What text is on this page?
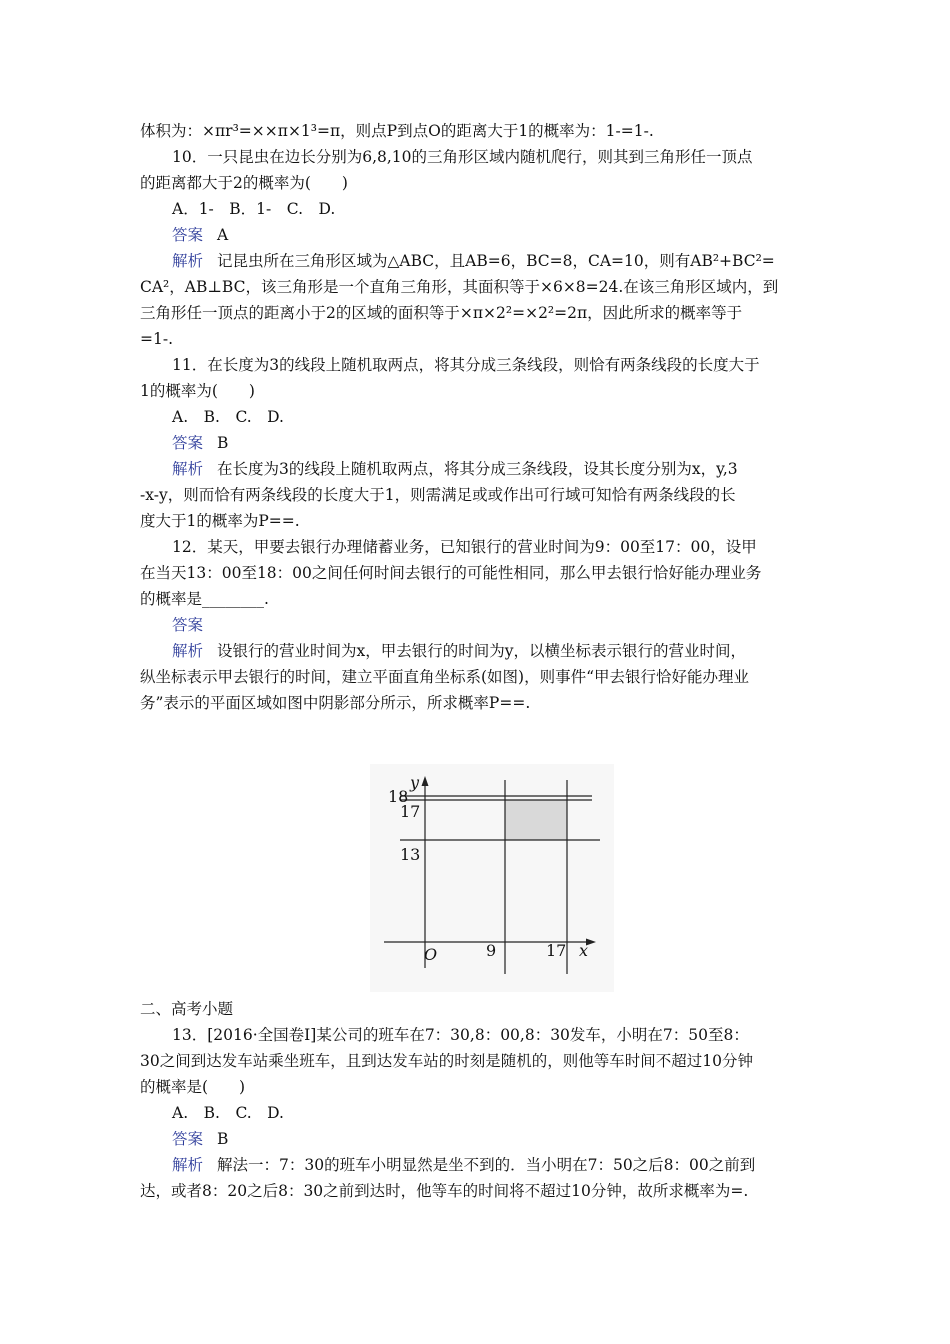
体积为：×πr³=××π×1³=π，则点P到点O的距离大于1的概率为：1-=1-.
10．一只昆虫在边长分别为6,8,10的三角形区域内随机爬行，则其到三角形任一顶点
的距离都大于2的概率为(　　)
A．1-　B．1-　C.　D.
答案 A
解析 记昆虫所在三角形区域为△ABC，且AB=6，BC=8，CA=10，则有AB²+BC²=
CA²，AB⊥BC，该三角形是一个直角三角形，其面积等于×6×8=24.在该三角形区域内，到
三角形任一顶点的距离小于2的区域的面积等于×π×2²=×2²=2π，因此所求的概率等于
=1-.
11．在长度为3的线段上随机取两点，将其分成三条线段，则恰有两条线段的长度大于
1的概率为(　　)
A.　B.　C.　D.
答案 B
解析 在长度为3的线段上随机取两点，将其分成三条线段，设其长度分别为x，y,3
-x-y，则而恰有两条线段的长度大于1，则需满足或或作出可行域可知恰有两条线段的长
度大于1的概率为P==.
12．某天，甲要去银行办理储蓄业务，已知银行的营业时间为9：00至17：00，设甲
在当天13：00至18：00之间任何时间去银行的可能性相同，那么甲去银行恰好能办理业务
的概率是________.
答案
解析 设银行的营业时间为x，甲去银行的时间为y，以横坐标表示银行的营业时间，
纵坐标表示甲去银行的时间，建立平面直角坐标系(如图)，则事件“甲去银行恰好能办理业
务”表示的平面区域如图中阴影部分所示，所求概率P==.
y
18
17
13
O	9	17 x
二、高考小题
13．[2016·全国卷Ⅰ]某公司的班车在7：30,8：00,8：30发车，小明在7：50至8：
30之间到达发车站乘坐班车，且到达发车站的时刻是随机的，则他等车时间不超过10分钟
的概率是(　　)
A.　B.　C.　D.
答案 B
解析 解法一：7：30的班车小明显然是坐不到的．当小明在7：50之后8：00之前到
达，或者8：20之后8：30之前到达时，他等车的时间将不超过10分钟，故所求概率为=.
